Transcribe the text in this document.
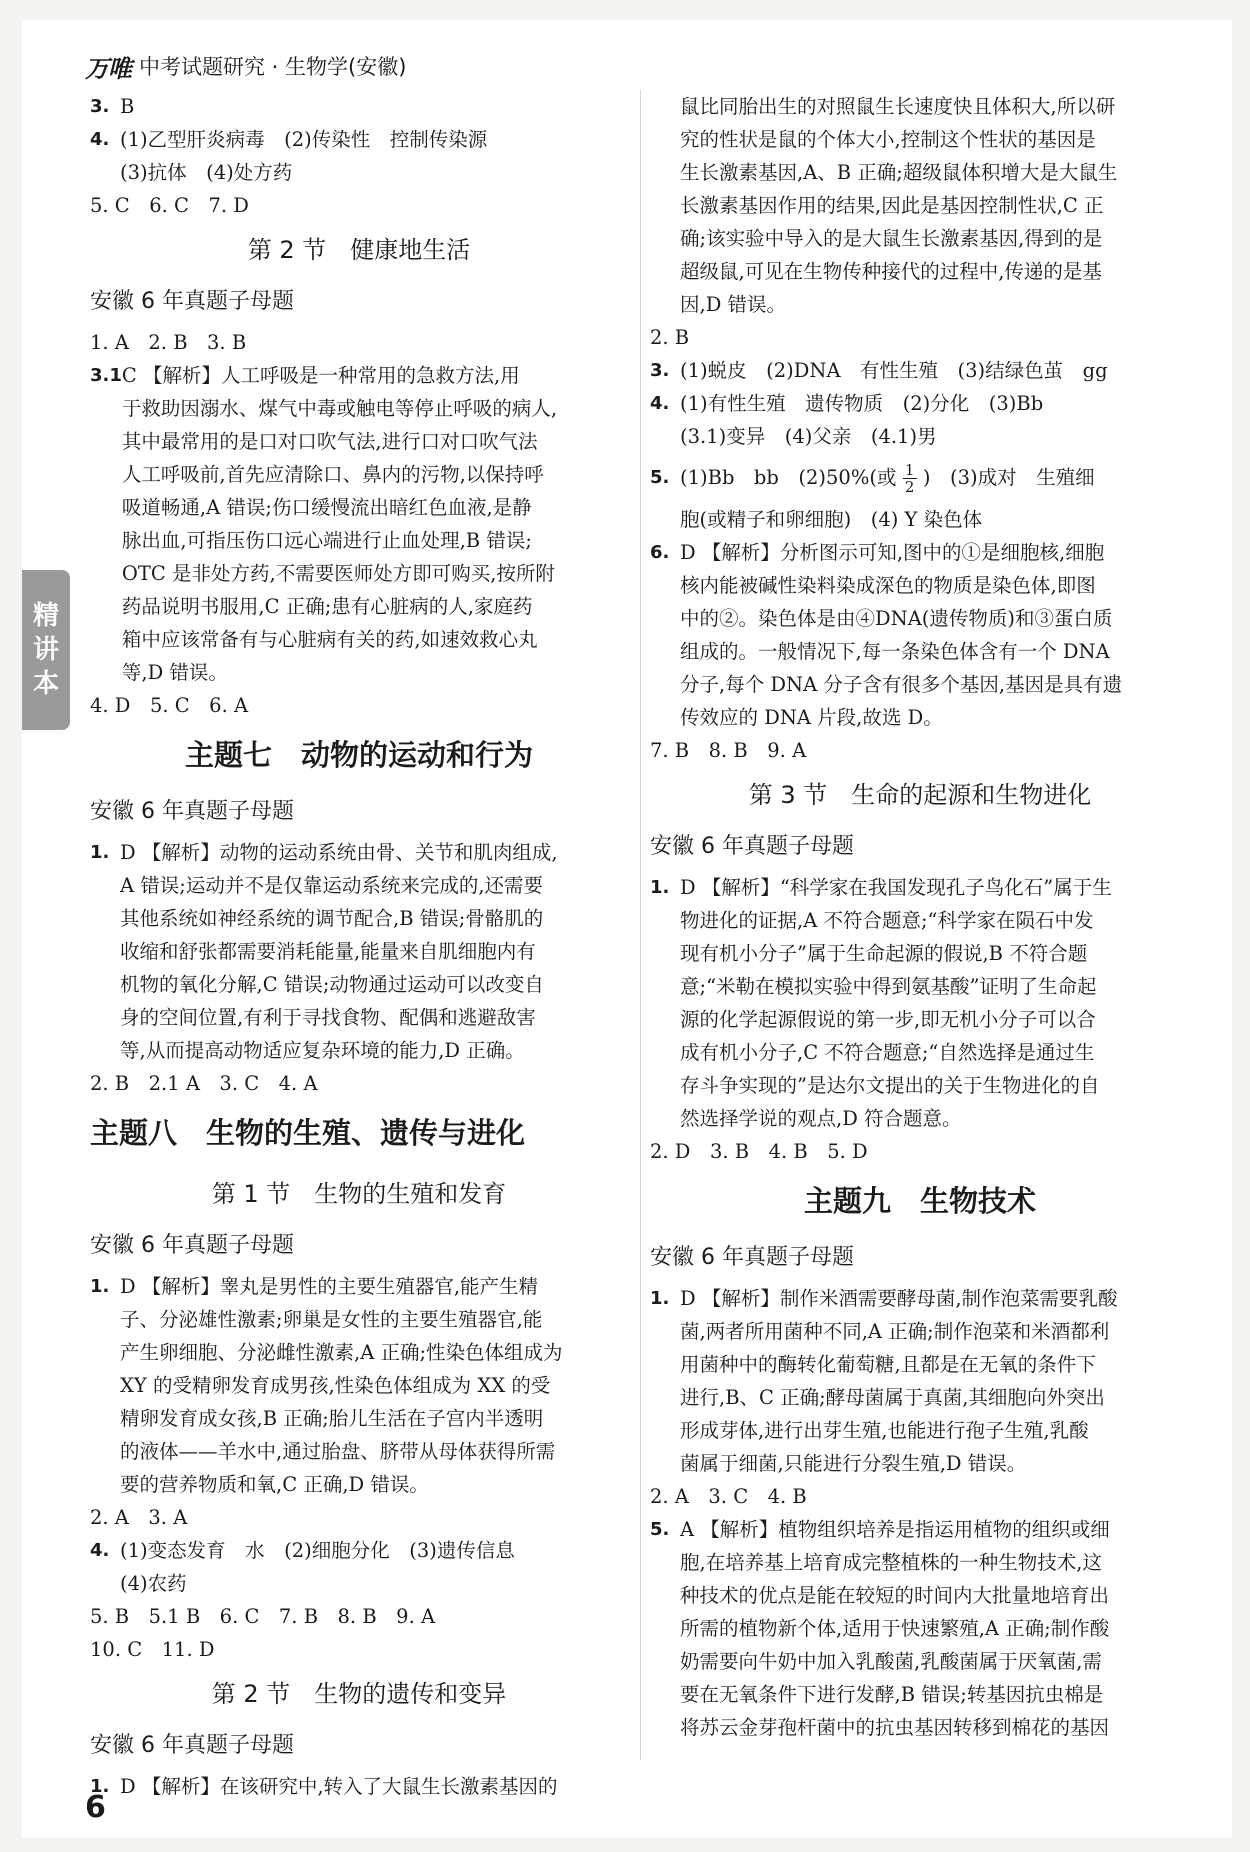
万唯 中考试题研究 · 生物学(安徽)
精
讲
本
3. B
4. (1)乙型肝炎病毒　(2)传染性　控制传染源
(3)抗体　(4)处方药
5. C　6. C　7. D
第 2 节　健康地生活
安徽 6 年真题子母题
1. A　2. B　3. B
3.1 C 【解析】人工呼吸是一种常用的急救方法,用
于救助因溺水、煤气中毒或触电等停止呼吸的病人,
其中最常用的是口对口吹气法,进行口对口吹气法
人工呼吸前,首先应清除口、鼻内的污物,以保持呼
吸道畅通,A 错误;伤口缓慢流出暗红色血液,是静
脉出血,可指压伤口远心端进行止血处理,B 错误;
OTC 是非处方药,不需要医师处方即可购买,按所附
药品说明书服用,C 正确;患有心脏病的人,家庭药
箱中应该常备有与心脏病有关的药,如速效救心丸
等,D 错误。
4. D　5. C　6. A
主题七　动物的运动和行为
安徽 6 年真题子母题
1. D 【解析】动物的运动系统由骨、关节和肌肉组成,
A 错误;运动并不是仅靠运动系统来完成的,还需要
其他系统如神经系统的调节配合,B 错误;骨骼肌的
收缩和舒张都需要消耗能量,能量来自肌细胞内有
机物的氧化分解,C 错误;动物通过运动可以改变自
身的空间位置,有利于寻找食物、配偶和逃避敌害
等,从而提高动物适应复杂环境的能力,D 正确。
2. B　2.1 A　3. C　4. A
主题八　生物的生殖、遗传与进化
第 1 节　生物的生殖和发育
安徽 6 年真题子母题
1. D 【解析】睾丸是男性的主要生殖器官,能产生精
子、分泌雄性激素;卵巢是女性的主要生殖器官,能
产生卵细胞、分泌雌性激素,A 正确;性染色体组成为
XY 的受精卵发育成男孩,性染色体组成为 XX 的受
精卵发育成女孩,B 正确;胎儿生活在子宫内半透明
的液体——羊水中,通过胎盘、脐带从母体获得所需
要的营养物质和氧,C 正确,D 错误。
2. A　3. A
4. (1)变态发育　水　(2)细胞分化　(3)遗传信息
(4)农药
5. B　5.1 B　6. C　7. B　8. B　9. A
10. C　11. D
第 2 节　生物的遗传和变异
安徽 6 年真题子母题
1. D 【解析】在该研究中,转入了大鼠生长激素基因的
鼠比同胎出生的对照鼠生长速度快且体积大,所以研
究的性状是鼠的个体大小,控制这个性状的基因是
生长激素基因,A、B 正确;超级鼠体积增大是大鼠生
长激素基因作用的结果,因此是基因控制性状,C 正
确;该实验中导入的是大鼠生长激素基因,得到的是
超级鼠,可见在生物传种接代的过程中,传递的是基
因,D 错误。
2. B
3. (1)蜕皮　(2)DNA　有性生殖　(3)结绿色茧　gg
4. (1)有性生殖　遗传物质　(2)分化　(3)Bb
(3.1)变异　(4)父亲　(4.1)男
5. (1)Bb　bb　(2)50%(或 $\frac{1}{2}$ )　(3)成对　生殖细
胞(或精子和卵细胞)　(4) Y 染色体
6. D 【解析】分析图示可知,图中的①是细胞核,细胞
核内能被碱性染料染成深色的物质是染色体,即图
中的②。染色体是由④DNA(遗传物质)和③蛋白质
组成的。一般情况下,每一条染色体含有一个 DNA
分子,每个 DNA 分子含有很多个基因,基因是具有遗
传效应的 DNA 片段,故选 D。
7. B　8. B　9. A
第 3 节　生命的起源和生物进化
安徽 6 年真题子母题
1. D 【解析】“科学家在我国发现孔子鸟化石”属于生
物进化的证据,A 不符合题意;“科学家在陨石中发
现有机小分子”属于生命起源的假说,B 不符合题
意;“米勒在模拟实验中得到氨基酸”证明了生命起
源的化学起源假说的第一步,即无机小分子可以合
成有机小分子,C 不符合题意;“自然选择是通过生
存斗争实现的”是达尔文提出的关于生物进化的自
然选择学说的观点,D 符合题意。
2. D　3. B　4. B　5. D
主题九　生物技术
安徽 6 年真题子母题
1. D 【解析】制作米酒需要酵母菌,制作泡菜需要乳酸
菌,两者所用菌种不同,A 正确;制作泡菜和米酒都利
用菌种中的酶转化葡萄糖,且都是在无氧的条件下
进行,B、C 正确;酵母菌属于真菌,其细胞向外突出
形成芽体,进行出芽生殖,也能进行孢子生殖,乳酸
菌属于细菌,只能进行分裂生殖,D 错误。
2. A　3. C　4. B
5. A 【解析】植物组织培养是指运用植物的组织或细
胞,在培养基上培育成完整植株的一种生物技术,这
种技术的优点是能在较短的时间内大批量地培育出
所需的植物新个体,适用于快速繁殖,A 正确;制作酸
奶需要向牛奶中加入乳酸菌,乳酸菌属于厌氧菌,需
要在无氧条件下进行发酵,B 错误;转基因抗虫棉是
将苏云金芽孢杆菌中的抗虫基因转移到棉花的基因
6
